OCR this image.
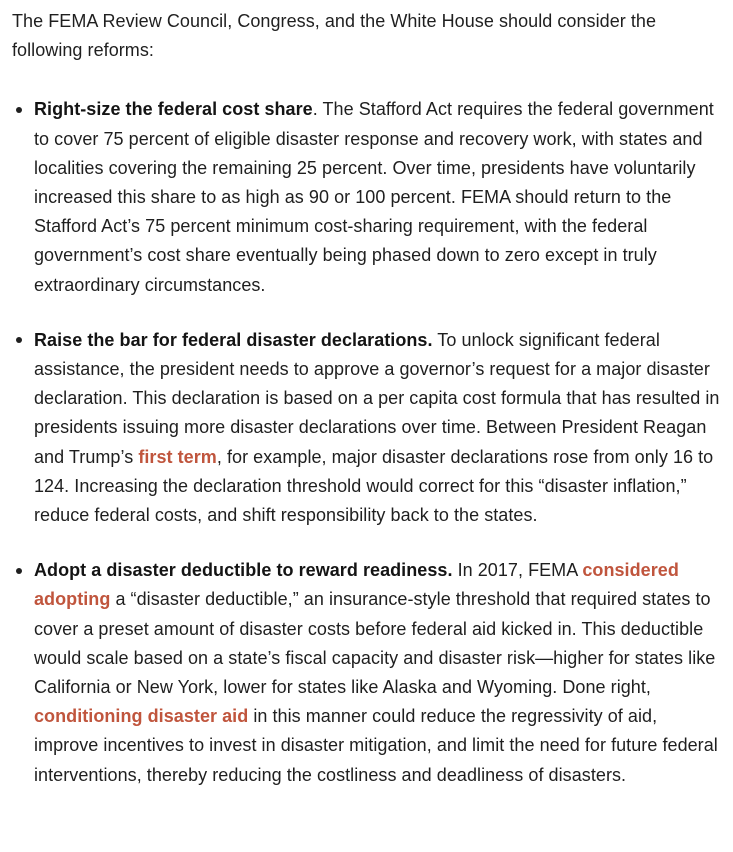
The FEMA Review Council, Congress, and the White House should consider the following reforms:

Right-size the federal cost share. The Stafford Act requires the federal government to cover 75 percent of eligible disaster response and recovery work, with states and localities covering the remaining 25 percent. Over time, presidents have voluntarily increased this share to as high as 90 or 100 percent. FEMA should return to the Stafford Act’s 75 percent minimum cost-sharing requirement, with the federal government’s cost share eventually being phased down to zero except in truly extraordinary circumstances.
Raise the bar for federal disaster declarations. To unlock significant federal assistance, the president needs to approve a governor’s request for a major disaster declaration. This declaration is based on a per capita cost formula that has resulted in presidents issuing more disaster declarations over time. Between President Reagan and Trump’s first term, for example, major disaster declarations rose from only 16 to 124. Increasing the declaration threshold would correct for this “disaster inflation,” reduce federal costs, and shift responsibility back to the states.
Adopt a disaster deductible to reward readiness. In 2017, FEMA considered adopting a “disaster deductible,” an insurance-style threshold that required states to cover a preset amount of disaster costs before federal aid kicked in. This deductible would scale based on a state’s fiscal capacity and disaster risk—higher for states like California or New York, lower for states like Alaska and Wyoming. Done right, conditioning disaster aid in this manner could reduce the regressivity of aid, improve incentives to invest in disaster mitigation, and limit the need for future federal interventions, thereby reducing the costliness and deadliness of disasters.
